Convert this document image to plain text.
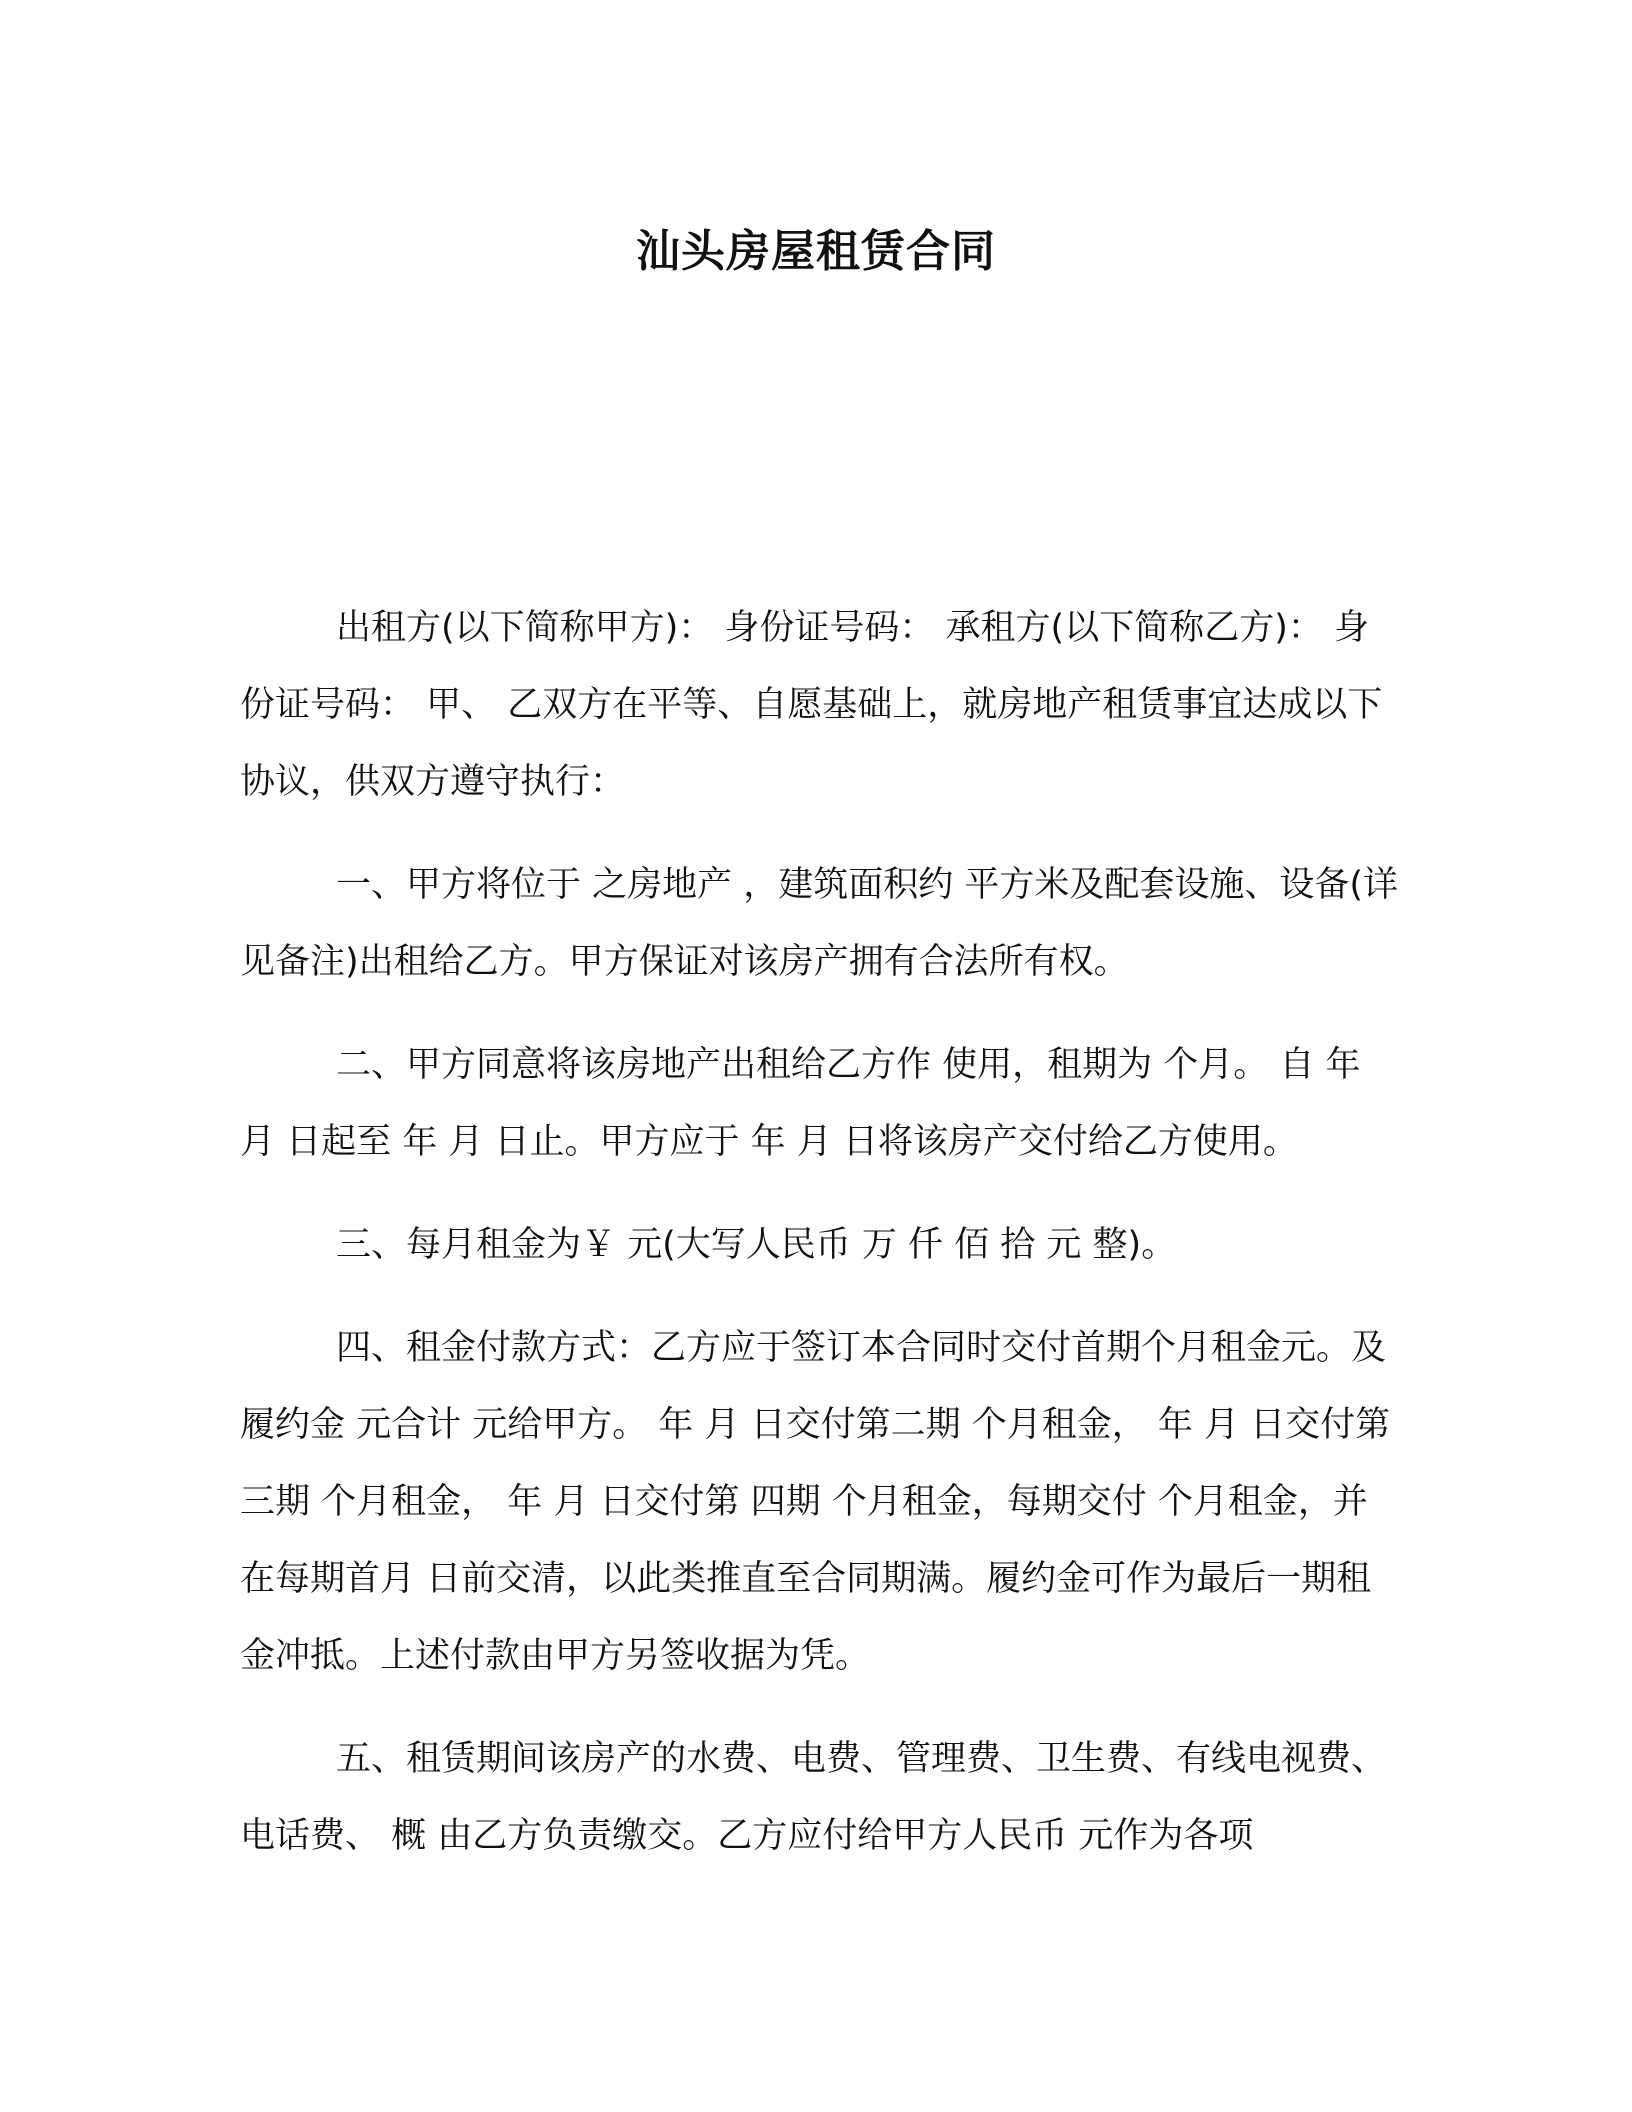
汕头房屋租赁合同

出租方(以下简称甲方)： 身份证号码： 承租方(以下简称乙方)： 身份证号码： 甲、 乙双方在平等、自愿基础上，就房地产租赁事宜达成以下协议，供双方遵守执行：

一、甲方将位于 之房地产 ，建筑面积约 平方米及配套设施、设备(详见备注)出租给乙方。甲方保证对该房产拥有合法所有权。

二、甲方同意将该房地产出租给乙方作 使用，租期为 个月。 自 年 月 日起至 年 月 日止。甲方应于 年 月 日将该房产交付给乙方使用。

三、每月租金为￥ 元(大写人民币 万 仟 佰 拾 元 整)。

四、租金付款方式：乙方应于签订本合同时交付首期个月租金元。及履约金 元合计 元给甲方。 年 月 日交付第二期 个月租金， 年 月 日交付第三期 个月租金， 年 月 日交付第 四期 个月租金，每期交付 个月租金，并在每期首月 日前交清，以此类推直至合同期满。履约金可作为最后一期租金冲抵。上述付款由甲方另签收据为凭。

五、租赁期间该房产的水费、电费、管理费、卫生费、有线电视费、电话费、 概 由乙方负责缴交。乙方应付给甲方人民币 元作为各项
